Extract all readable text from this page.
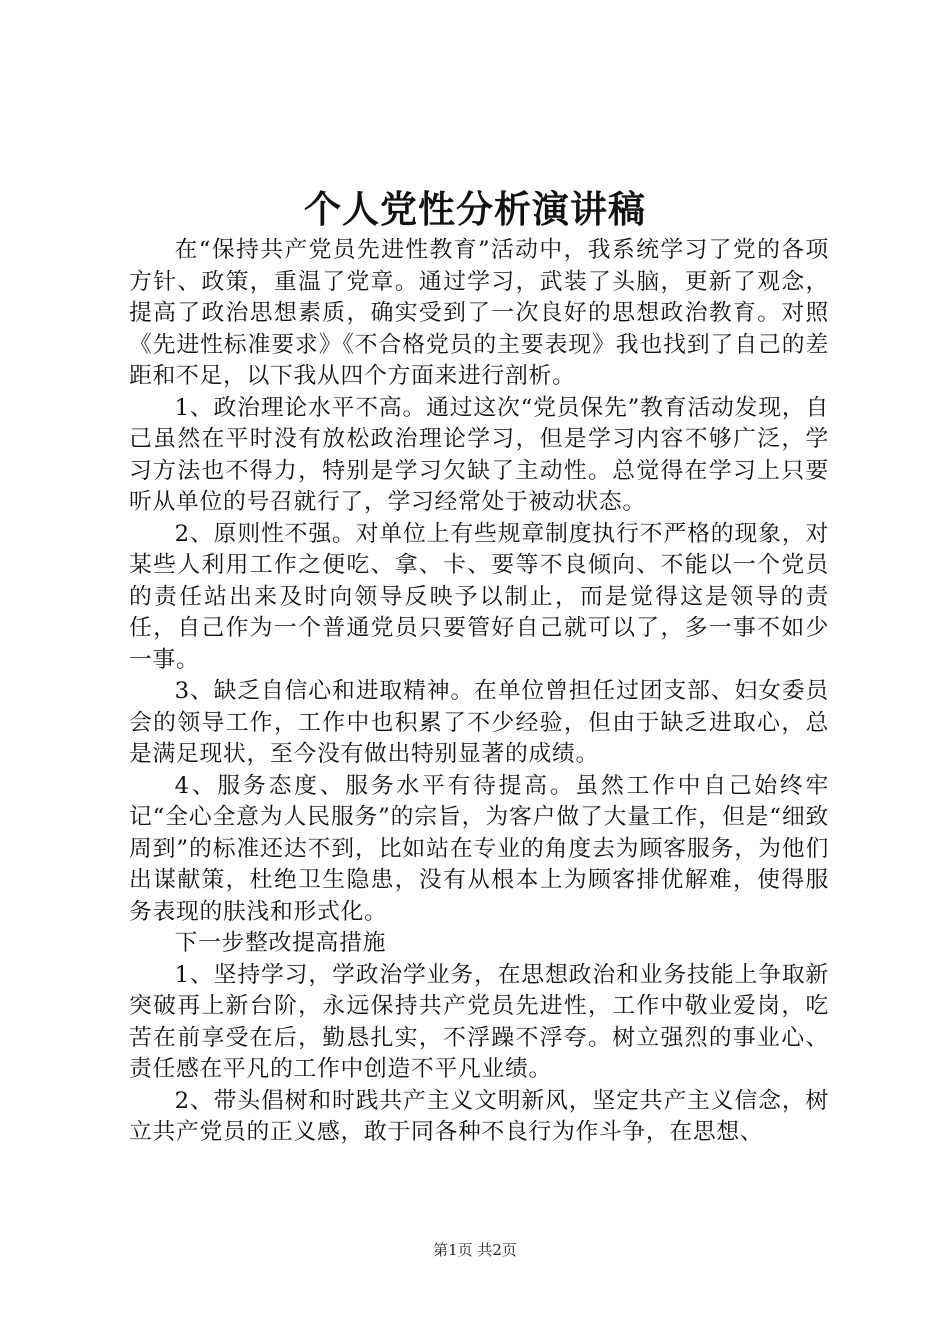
个人党性分析演讲稿

在“保持共产党员先进性教育”活动中，我系统学习了党的各项方针、政策，重温了党章。通过学习，武装了头脑，更新了观念，提高了政治思想素质，确实受到了一次良好的思想政治教育。对照《先进性标准要求》《不合格党员的主要表现》我也找到了自己的差距和不足，以下我从四个方面来进行剖析。

1、政治理论水平不高。通过这次“党员保先”教育活动发现，自己虽然在平时没有放松政治理论学习，但是学习内容不够广泛，学习方法也不得力，特别是学习欠缺了主动性。总觉得在学习上只要听从单位的号召就行了，学习经常处于被动状态。

2、原则性不强。对单位上有些规章制度执行不严格的现象，对某些人利用工作之便吃、拿、卡、要等不良倾向、不能以一个党员的责任站出来及时向领导反映予以制止，而是觉得这是领导的责任，自己作为一个普通党员只要管好自己就可以了，多一事不如少一事。

3、缺乏自信心和进取精神。在单位曾担任过团支部、妇女委员会的领导工作，工作中也积累了不少经验，但由于缺乏进取心，总是满足现状，至今没有做出特别显著的成绩。

4、服务态度、服务水平有待提高。虽然工作中自己始终牢记“全心全意为人民服务”的宗旨，为客户做了大量工作，但是“细致周到”的标准还达不到，比如站在专业的角度去为顾客服务，为他们出谋献策，杜绝卫生隐患，没有从根本上为顾客排优解难，使得服务表现的肤浅和形式化。

下一步整改提高措施

1、坚持学习，学政治学业务，在思想政治和业务技能上争取新突破再上新台阶，永远保持共产党员先进性，工作中敬业爱岗，吃苦在前享受在后，勤恳扎实，不浮躁不浮夸。树立强烈的事业心、责任感在平凡的工作中创造不平凡业绩。

2、带头倡树和时践共产主义文明新风，坚定共产主义信念，树立共产党员的正义感，敢于同各种不良行为作斗争，在思想、

第1页 共2页
